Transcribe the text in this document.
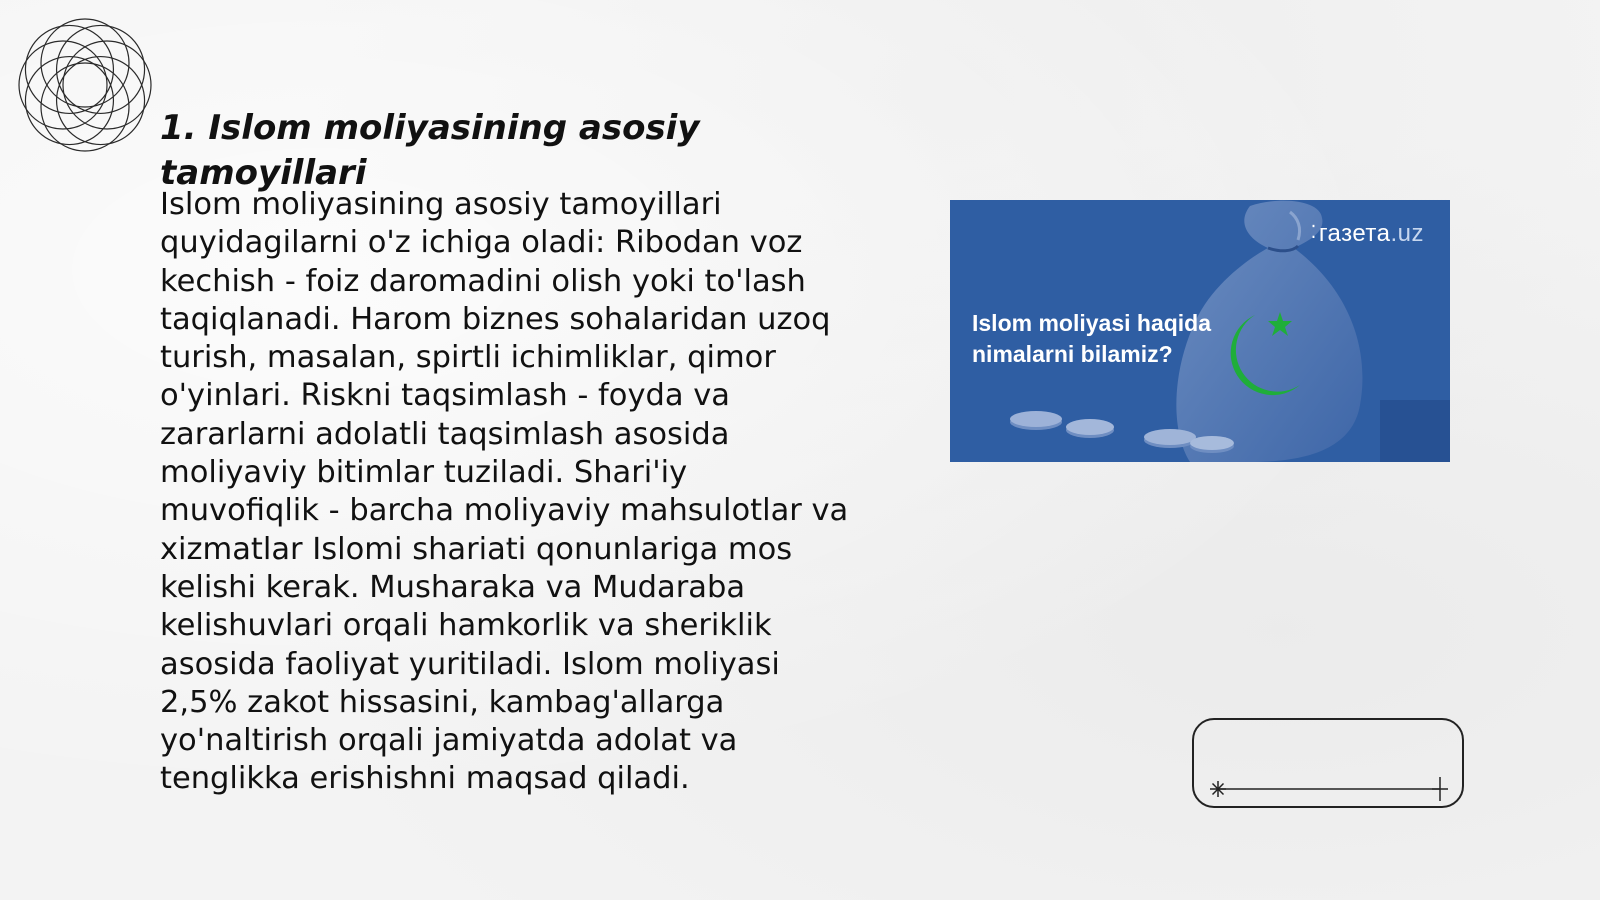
1. Islom moliyasining asosiy tamoyillari

Islom moliyasining asosiy tamoyillari quyidagilarni o'z ichiga oladi: Ribodan voz kechish - foiz daromadini olish yoki to'lash taqiqlanadi. Harom biznes sohalaridan uzoq turish, masalan, spirtli ichimliklar, qimor o'yinlari. Riskni taqsimlash - foyda va zararlarni adolatli taqsimlash asosida moliyaviy bitimlar tuziladi. Shari'iy muvofiqlik - barcha moliyaviy mahsulotlar va xizmatlar Islomi shariati qonunlariga mos kelishi kerak. Musharaka va Mudaraba kelishuvlari orqali hamkorlik va sheriklik asosida faoliyat yuritiladi. Islom moliyasi 2,5% zakot hissasini, kambag'allarga yo'naltirish orqali jamiyatda adolat va tenglikka erishishni maqsad qiladi.

⁚газета.uz
Islom moliyasi haqida nimalarni bilamiz?
